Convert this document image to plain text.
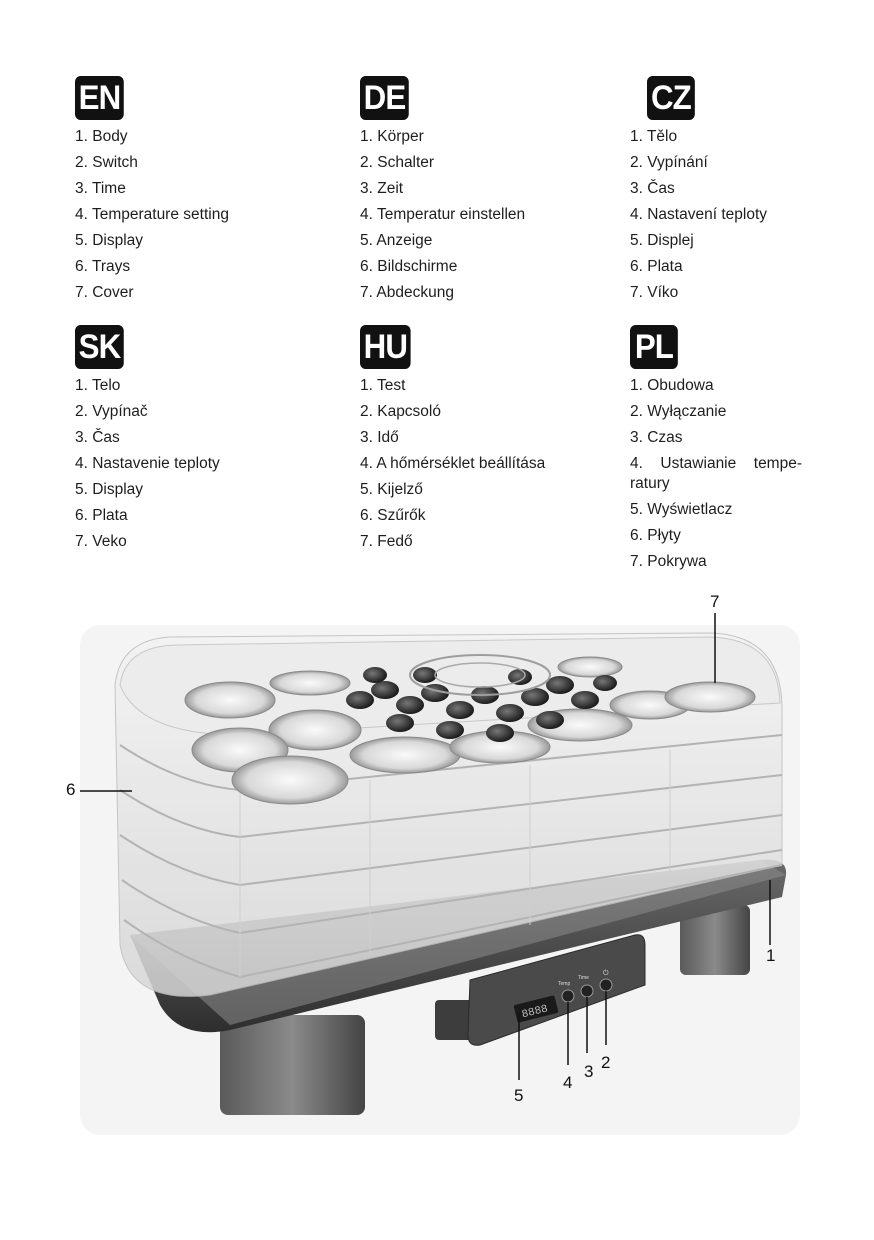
EN
1. Body
2. Switch
3. Time
4. Temperature setting
5. Display
6. Trays
7. Cover
DE
1. Körper
2. Schalter
3. Zeit
4. Temperatur einstellen
5. Anzeige
6. Bildschirme
7. Abdeckung
CZ
1. Tělo
2. Vypínání
3. Čas
4. Nastavení teploty
5. Displej
6. Plata
7. Víko
SK
1. Telo
2. Vypínač
3. Čas
4. Nastavenie teploty
5. Display
6. Plata
7. Veko
HU
1. Test
2. Kapcsoló
3. Idő
4. A hőmérséklet beállítása
5. Kijelző
6. Szűrők
7. Fedő
PL
1. Obudowa
2. Wyłączanie
3. Czas
4. Ustawianie tempe-ratury
5. Wyświetlacz
6. Płyty
7. Pokrywa
8888
Temp
Time
⏻
1
2
3
4
5
6
7
